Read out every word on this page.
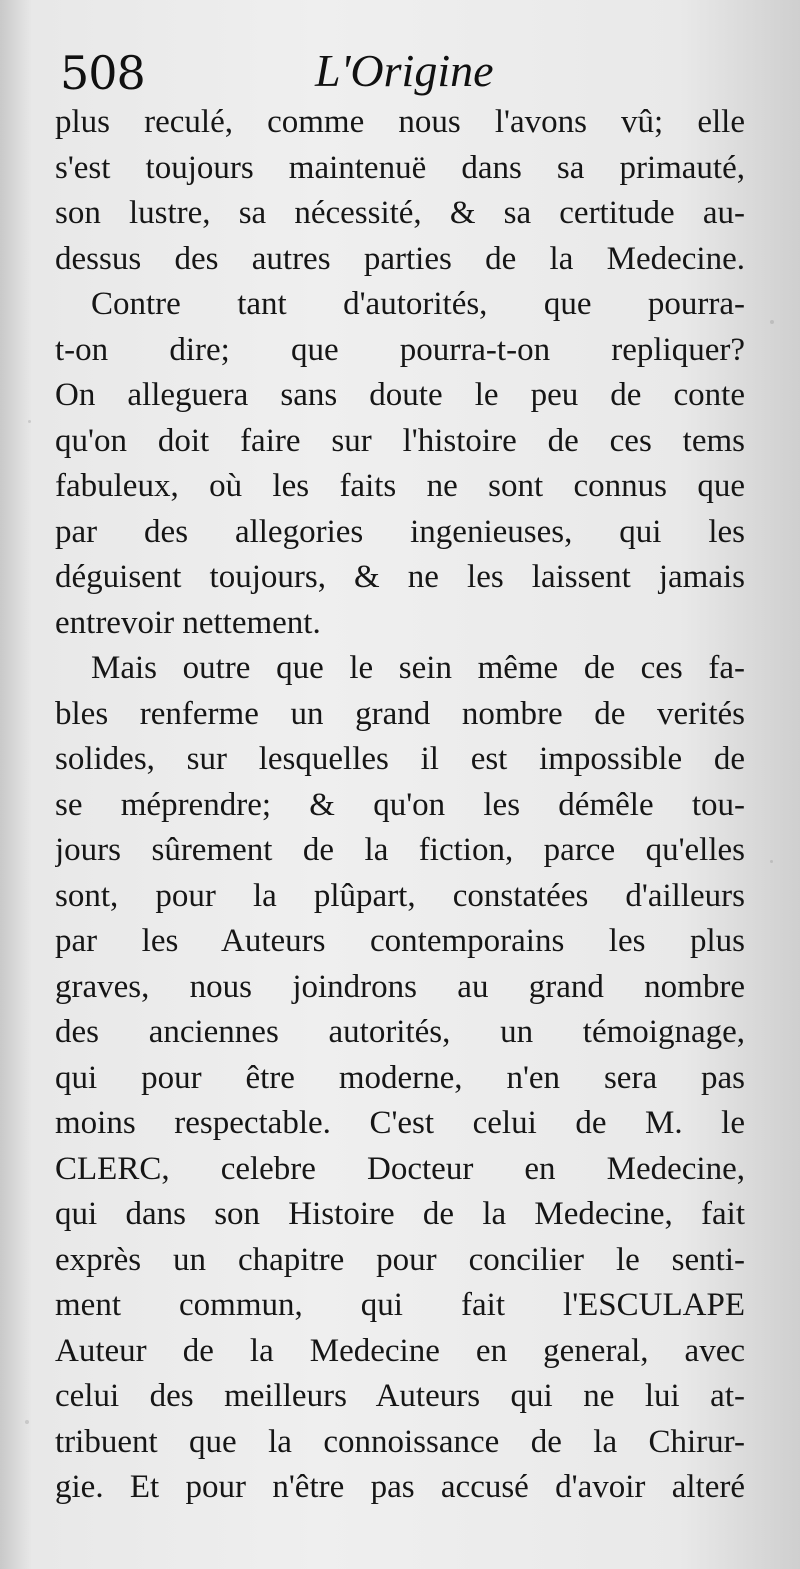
508	L'Origine
plus reculé, comme nous l'avons vû; elle
s'est toujours maintenuë dans sa primauté,
son lustre, sa nécessité, & sa certitude au-
dessus des autres parties de la Medecine.
Contre tant d'autorités, que pourra-
t-on dire; que pourra-t-on repliquer?
On alleguera sans doute le peu de conte
qu'on doit faire sur l'histoire de ces tems
fabuleux, où les faits ne sont connus que
par des allegories ingenieuses, qui les
déguisent toujours, & ne les laissent jamais
entrevoir nettement.
Mais outre que le sein même de ces fa-
bles renferme un grand nombre de verités
solides, sur lesquelles il est impossible de
se méprendre; & qu'on les démêle tou-
jours sûrement de la fiction, parce qu'elles
sont, pour la plûpart, constatées d'ailleurs
par les Auteurs contemporains les plus
graves, nous joindrons au grand nombre
des anciennes autorités, un témoignage,
qui pour être moderne, n'en sera pas
moins respectable. C'est celui de M. le
CLERC, celebre Docteur en Medecine,
qui dans son Histoire de la Medecine, fait
exprès un chapitre pour concilier le senti-
ment commun, qui fait l'ESCULAPE
Auteur de la Medecine en general, avec
celui des meilleurs Auteurs qui ne lui at-
tribuent que la connoissance de la Chirur-
gie. Et pour n'être pas accusé d'avoir alteré
